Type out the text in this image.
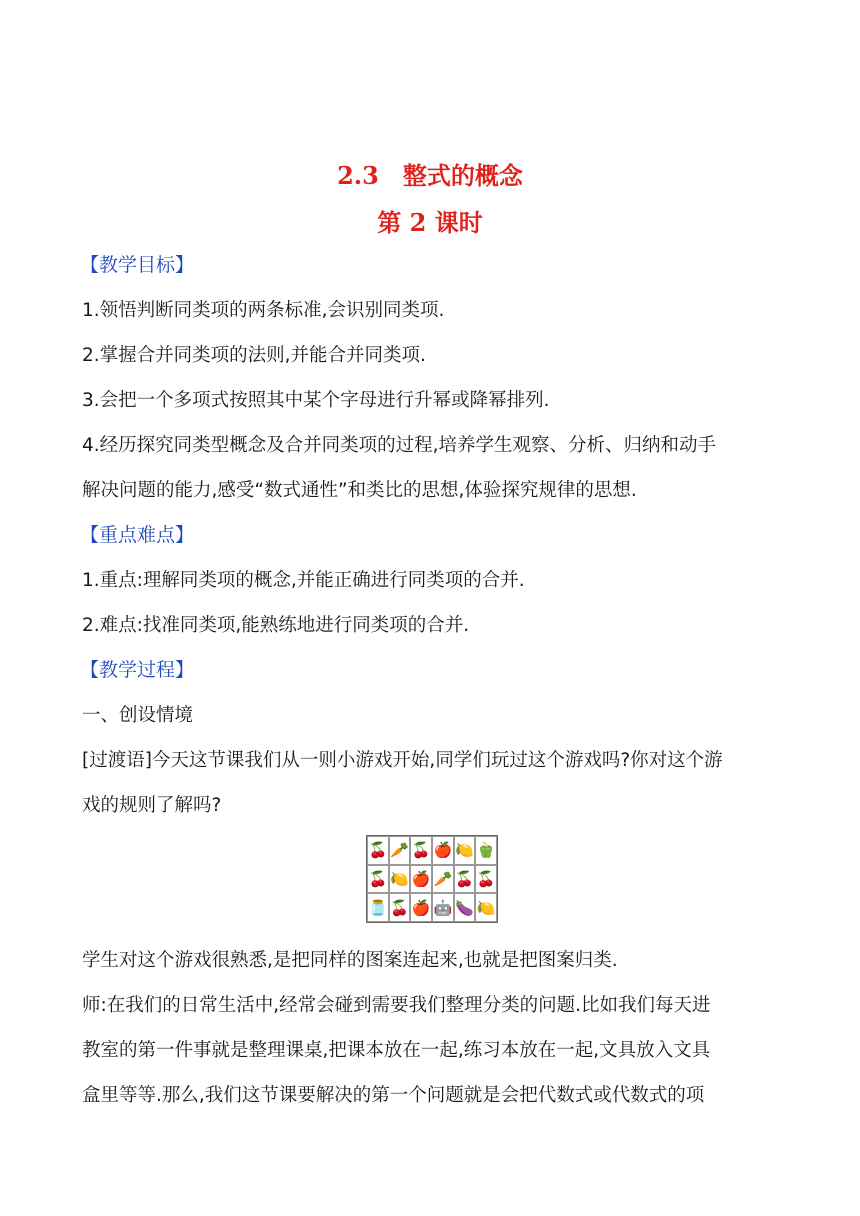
2.3　整式的概念
第 2 课时
【教学目标】
1.领悟判断同类项的两条标准,会识别同类项.
2.掌握合并同类项的法则,并能合并同类项.
3.会把一个多项式按照其中某个字母进行升幂或降幂排列.
4.经历探究同类型概念及合并同类项的过程,培养学生观察、分析、归纳和动手
解决问题的能力,感受“数式通性”和类比的思想,体验探究规律的思想.
【重点难点】
1.重点:理解同类项的概念,并能正确进行同类项的合并.
2.难点:找准同类项,能熟练地进行同类项的合并.
【教学过程】
一、创设情境
[过渡语]今天这节课我们从一则小游戏开始,同学们玩过这个游戏吗?你对这个游
戏的规则了解吗?
🍒 🥕 🍒 🍎 🍋 🫑
🍒 🍋 🍎 🥕 🍒 🍒
🫙 🍒 🍎 🤖 🍆 🍋
学生对这个游戏很熟悉,是把同样的图案连起来,也就是把图案归类.
师:在我们的日常生活中,经常会碰到需要我们整理分类的问题.比如我们每天进
教室的第一件事就是整理课桌,把课本放在一起,练习本放在一起,文具放入文具
盒里等等.那么,我们这节课要解决的第一个问题就是会把代数式或代数式的项
